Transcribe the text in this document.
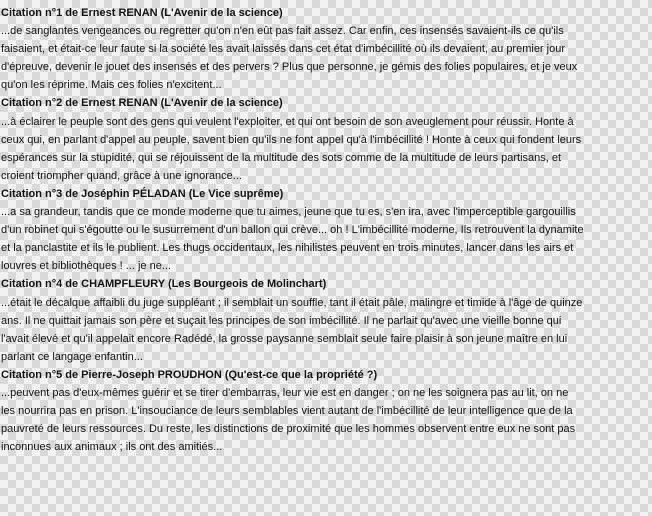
Citation n°1 de Ernest RENAN (L'Avenir de la science)
...de sanglantes vengeances ou regretter qu'on n'en eût pas fait assez. Car enfin, ces insensés savaient-ils ce qu'ils
faisaient, et était-ce leur faute si la société les avait laissés dans cet état d'imbécillité où ils devaient, au premier jour
d'épreuve, devenir le jouet des insensés et des pervers ? Plus que personne, je gémis des folies populaires, et je veux
qu'on les réprime. Mais ces folies n'excitent...
Citation n°2 de Ernest RENAN (L'Avenir de la science)
...à éclairer le peuple sont des gens qui veulent l'exploiter, et qui ont besoin de son aveuglement pour réussir. Honte à
ceux qui, en parlant d'appel au peuple, savent bien qu'ils ne font appel qu'à l'imbécillité ! Honte à ceux qui fondent leurs
espérances sur la stupidité, qui se réjouissent de la multitude des sots comme de la multitude de leurs partisans, et
croient triompher quand, grâce à une ignorance...
Citation n°3 de Joséphin PÉLADAN (Le Vice suprême)
...a sa grandeur, tandis que ce monde moderne que tu aimes, jeune que tu es, s'en ira, avec l'imperceptible gargouillis
d'un robinet qui s'égoutte ou le susurrement d'un ballon qui crève... oh ! L'imbécillité moderne, Ils retrouvent la dynamite
et la panclastite et ils le publient. Les thugs occidentaux, les nihilistes peuvent en trois minutes, lancer dans les airs et
louvres et bibliothèques ! ... je ne...
Citation n°4 de CHAMPFLEURY (Les Bourgeois de Molinchart)
...était le décalque affaibli du juge suppléant ; il semblait un souffle, tant il était pâle, malingre et timide à l'âge de quinze
ans. Il ne quittait jamais son père et suçait les principes de son imbécillité. Il ne parlait qu'avec une vieille bonne qui
l'avait élevé et qu'il appelait encore Radédé, la grosse paysanne semblait seule faire plaisir à son jeune maître en lui
parlant ce langage enfantin...
Citation n°5 de Pierre-Joseph PROUDHON (Qu'est-ce que la propriété ?)
...peuvent pas d'eux-mêmes guérir et se tirer d'embarras, leur vie est en danger ; on ne les soignera pas au lit, on ne
les nourrira pas en prison. L'insouciance de leurs semblables vient autant de l'imbécillité de leur intelligence que de la
pauvreté de leurs ressources. Du reste, les distinctions de proximité que les hommes observent entre eux ne sont pas
inconnues aux animaux ; ils ont des amitiés...
